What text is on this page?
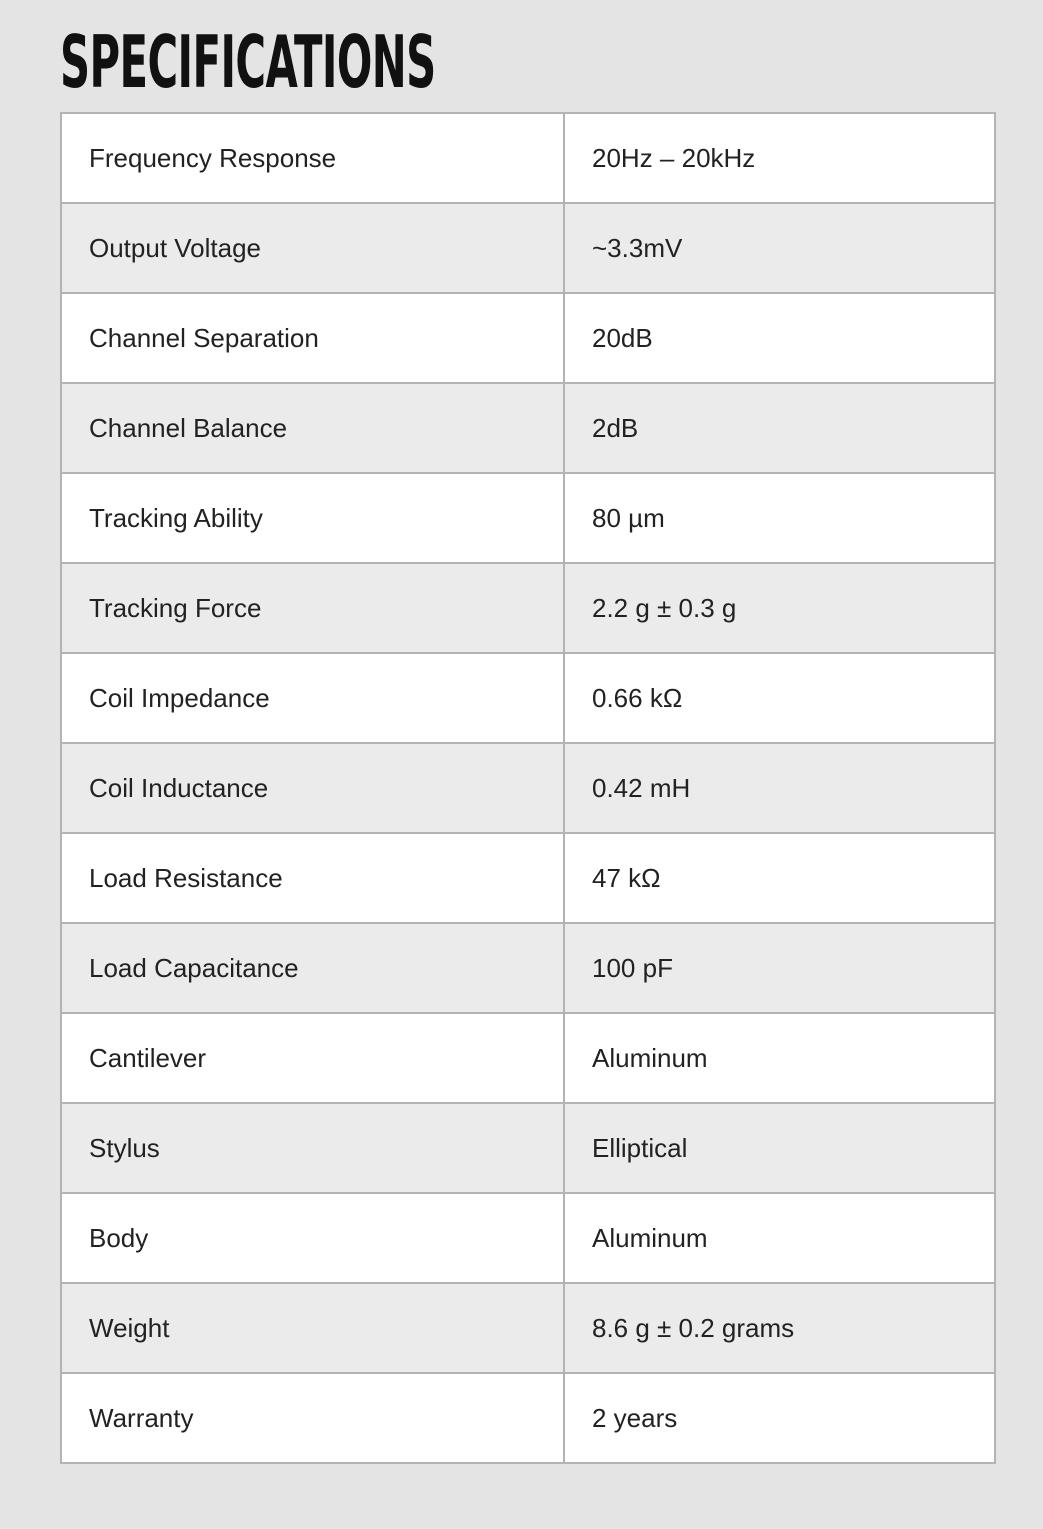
SPECIFICATIONS
Frequency Response	20Hz – 20kHz
Output Voltage	~3.3mV
Channel Separation	20dB
Channel Balance	2dB
Tracking Ability	80 µm
Tracking Force	2.2 g ± 0.3 g
Coil Impedance	0.66 kΩ
Coil Inductance	0.42 mH
Load Resistance	47 kΩ
Load Capacitance	100 pF
Cantilever	Aluminum
Stylus	Elliptical
Body	Aluminum
Weight	8.6 g ± 0.2 grams
Warranty	2 years
